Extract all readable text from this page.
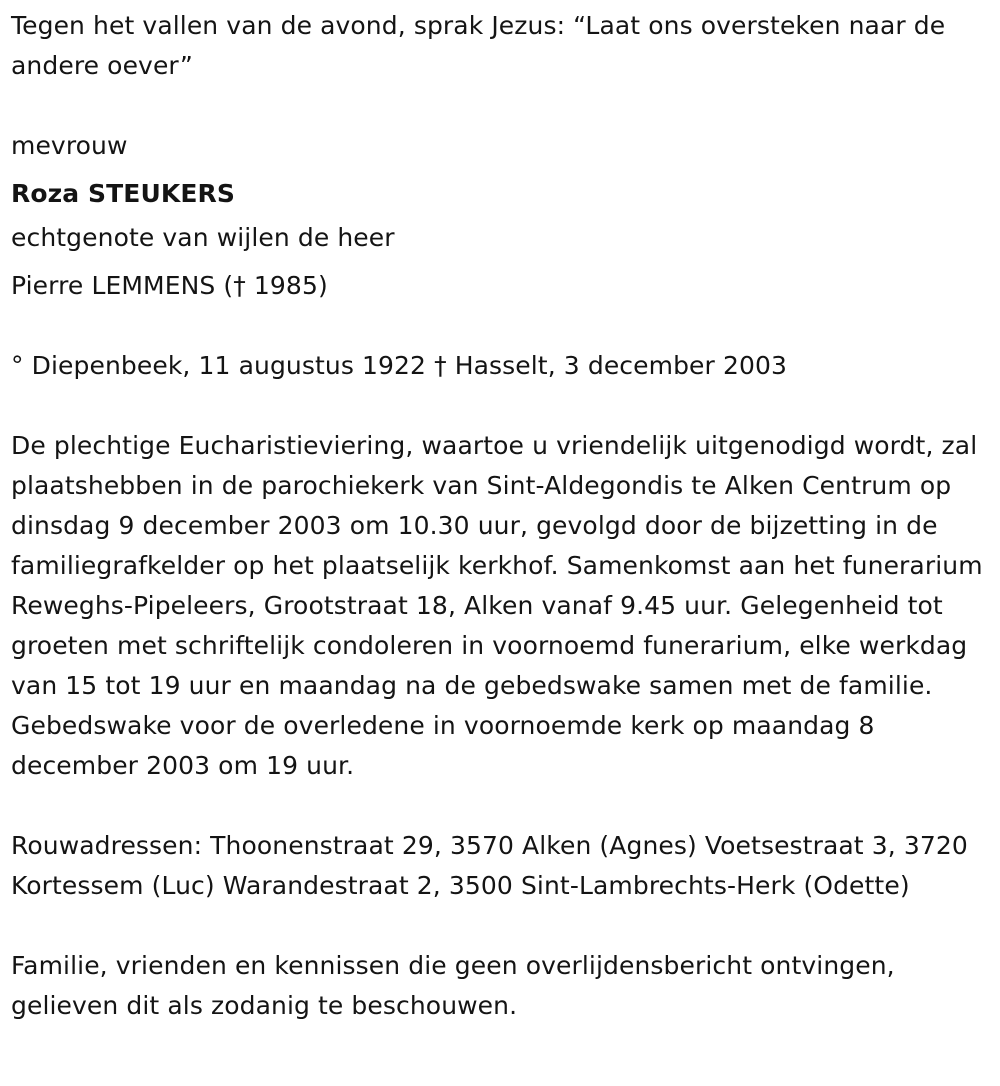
Tegen het vallen van de avond, sprak Jezus: “Laat ons oversteken naar de andere oever”

mevrouw

Roza STEUKERS

echtgenote van wijlen de heer

Pierre LEMMENS († 1985)

° Diepenbeek, 11 augustus 1922 † Hasselt, 3 december 2003

De plechtige Eucharistieviering, waartoe u vriendelijk uitgenodigd wordt, zal plaatshebben in de parochiekerk van Sint-Aldegondis te Alken Centrum op dinsdag 9 december 2003 om 10.30 uur, gevolgd door de bijzetting in de familiegrafkelder op het plaatselijk kerkhof. Samenkomst aan het funerarium Reweghs-Pipeleers, Grootstraat 18, Alken vanaf 9.45 uur. Gelegenheid tot groeten met schriftelijk condoleren in voornoemd funerarium, elke werkdag van 15 tot 19 uur en maandag na de gebedswake samen met de familie. Gebedswake voor de overledene in voornoemde kerk op maandag 8 december 2003 om 19 uur.

Rouwadressen: Thoonenstraat 29, 3570 Alken (Agnes) Voetsestraat 3, 3720 Kortessem (Luc) Warandestraat 2, 3500 Sint-Lambrechts-Herk (Odette)

Familie, vrienden en kennissen die geen overlijdensbericht ontvingen, gelieven dit als zodanig te beschouwen.
